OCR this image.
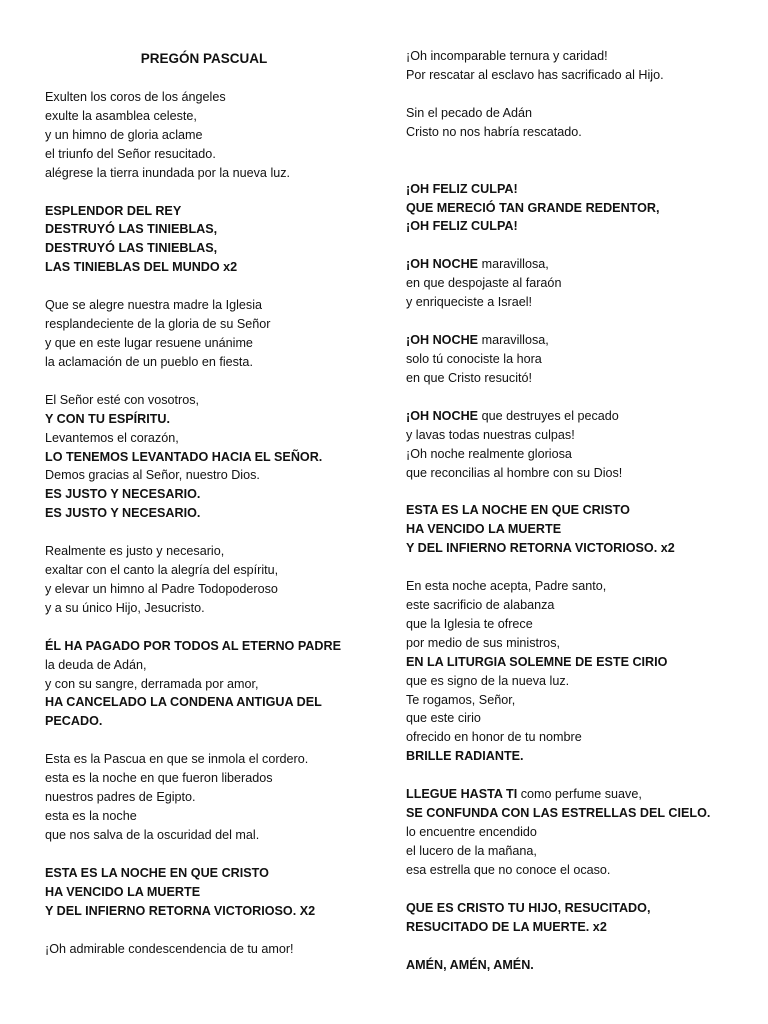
PREGÓN PASCUAL
Exulten los coros de los ángeles
exulte la asamblea celeste,
y un himno de gloria aclame
el triunfo del Señor resucitado.
alégrese la tierra inundada por la nueva luz.
ESPLENDOR DEL REY
DESTRUYÓ LAS TINIEBLAS,
DESTRUYÓ LAS TINIEBLAS,
LAS TINIEBLAS DEL MUNDO x2
Que se alegre nuestra madre la Iglesia
resplandeciente de la gloria de su Señor
y que en este lugar resuene unánime
la aclamación de un pueblo en fiesta.
El Señor esté con vosotros,
Y CON TU ESPÍRITU.
Levantemos el corazón,
LO TENEMOS LEVANTADO HACIA EL SEÑOR.
Demos gracias al Señor, nuestro Dios.
ES JUSTO Y NECESARIO.
ES JUSTO Y NECESARIO.
Realmente es justo y necesario,
exaltar con el canto la alegría del espíritu,
y elevar un himno al Padre Todopoderoso
y a su único Hijo, Jesucristo.
ÉL HA PAGADO POR TODOS AL ETERNO PADRE
la deuda de Adán,
y con su sangre, derramada por amor,
HA CANCELADO LA CONDENA ANTIGUA DEL
PECADO.
Esta es la Pascua en que se inmola el cordero.
esta es la noche en que fueron liberados
nuestros padres de Egipto.
esta es la noche
que nos salva de la oscuridad del mal.
ESTA ES LA NOCHE EN QUE CRISTO
HA VENCIDO LA MUERTE
Y DEL INFIERNO RETORNA VICTORIOSO. X2
¡Oh admirable condescendencia de tu amor!
¡Oh incomparable ternura y caridad!
Por rescatar al esclavo has sacrificado al Hijo.
Sin el pecado de Adán
Cristo no nos habría rescatado.
¡OH FELIZ CULPA!
QUE MERECIÓ TAN GRANDE REDENTOR,
¡OH FELIZ CULPA!
¡OH NOCHE maravillosa,
en que despojaste al faraón
y enriqueciste a Israel!
¡OH NOCHE maravillosa,
solo tú conociste la hora
en que Cristo resucitó!
¡OH NOCHE que destruyes el pecado
y lavas todas nuestras culpas!
¡Oh noche realmente gloriosa
que reconcilias al hombre con su Dios!
ESTA ES LA NOCHE EN QUE CRISTO
HA VENCIDO LA MUERTE
Y DEL INFIERNO RETORNA VICTORIOSO. x2
En esta noche acepta, Padre santo,
este sacrificio de alabanza
que la Iglesia te ofrece
por medio de sus ministros,
EN LA LITURGIA SOLEMNE DE ESTE CIRIO
que es signo de la nueva luz.
Te rogamos, Señor,
que este cirio
ofrecido en honor de tu nombre
BRILLE RADIANTE.
LLEGUE HASTA TI como perfume suave,
SE CONFUNDA CON LAS ESTRELLAS DEL CIELO.
lo encuentre encendido
el lucero de la mañana,
esa estrella que no conoce el ocaso.
QUE ES CRISTO TU HIJO, RESUCITADO,
RESUCITADO DE LA MUERTE. x2
AMÉN, AMÉN, AMÉN.
